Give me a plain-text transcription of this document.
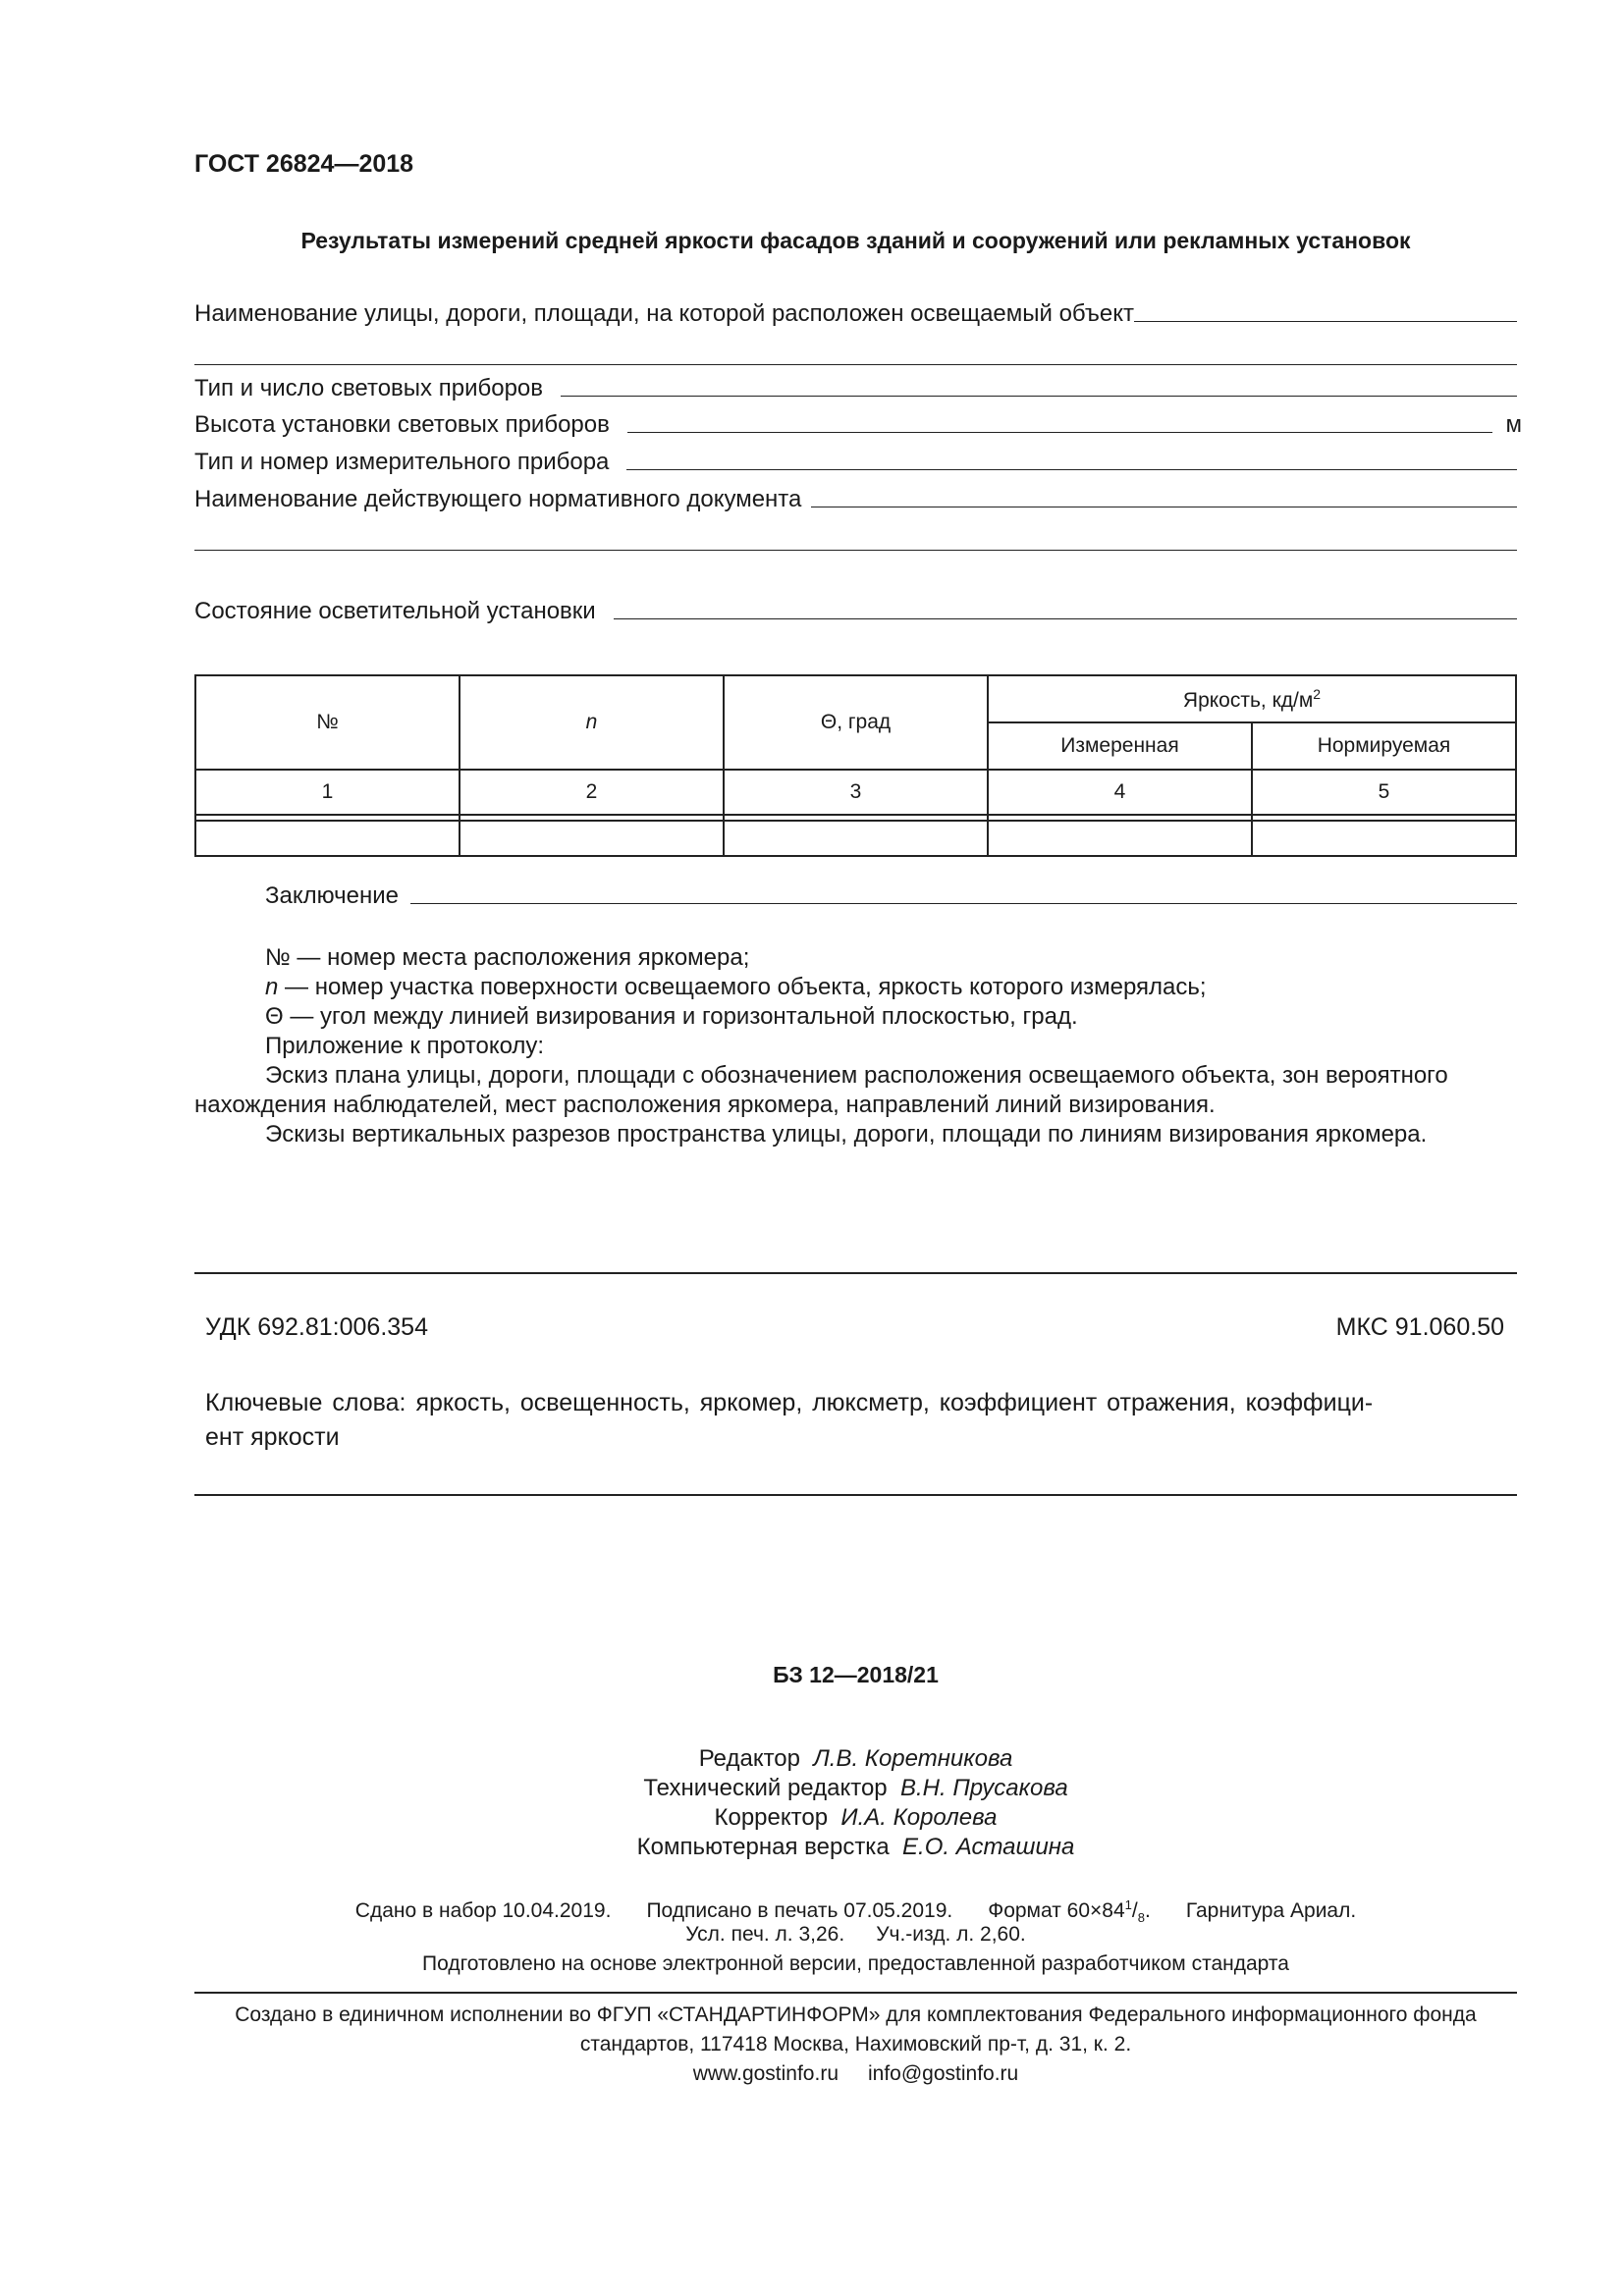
ГОСТ 26824—2018
Результаты измерений средней яркости фасадов зданий и сооружений или рекламных установок
Наименование улицы, дороги, площади, на которой расположен освещаемый объект
Тип и число световых приборов
Высота установки световых приборов	м
Тип и номер измерительного прибора
Наименование действующего нормативного документа
Состояние осветительной установки
№	n	Θ, град	Яркость, $кд/м^2$
			Измеренная	Нормируемая
1	2	3	4	5

Заключение
№ — номер места расположения яркомера;
n — номер участка поверхности освещаемого объекта, яркость которого измерялась;
Θ — угол между линией визирования и горизонтальной плоскостью, град.
Приложение к протоколу:
Эскиз плана улицы, дороги, площади с обозначением расположения освещаемого объекта, зон вероятного
нахождения наблюдателей, мест расположения яркомера, направлений линий визирования.
Эскизы вертикальных разрезов пространства улицы, дороги, площади по линиям визирования яркомера.
УДК 692.81:006.354	МКС 91.060.50
Ключевые слова: яркость, освещенность, яркомер, люксметр, коэффициент отражения, коэффици-
ент яркости
БЗ 12—2018/21
Редактор Л.В. Коретникова
Технический редактор В.Н. Прусакова
Корректор И.А. Королева
Компьютерная верстка Е.О. Асташина
Сдано в набор 10.04.2019. Подписано в печать 07.05.2019. Формат $60\times 84^1/_8$. Гарнитура Ариал.
Усл. печ. л. 3,26. Уч.-изд. л. 2,60.
Подготовлено на основе электронной версии, предоставленной разработчиком стандарта
Создано в единичном исполнении во ФГУП «СТАНДАРТИНФОРМ» для комплектования Федерального информационного фонда
стандартов, 117418 Москва, Нахимовский пр-т, д. 31, к. 2.
www.gostinfo.ru info@gostinfo.ru
